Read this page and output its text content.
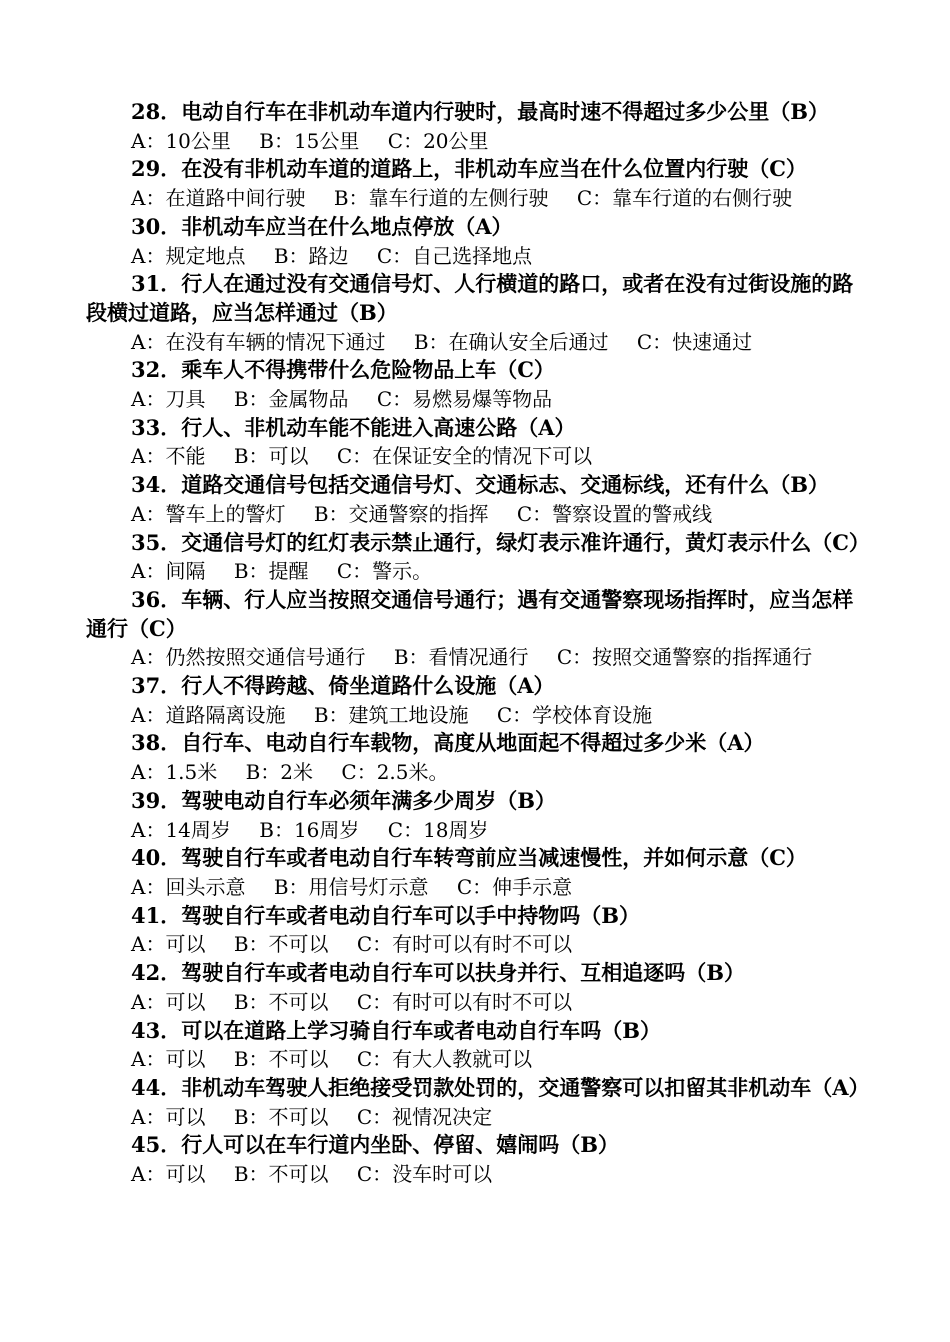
28．电动自行车在非机动车道内行驶时，最高时速不得超过多少公里（B）

A：10公里 B：15公里 C：20公里

29．在没有非机动车道的道路上，非机动车应当在什么位置内行驶（C）

A：在道路中间行驶 B：靠车行道的左侧行驶 C：靠车行道的右侧行驶

30．非机动车应当在什么地点停放（A）

A：规定地点 B：路边 C：自己选择地点

31．行人在通过没有交通信号灯、人行横道的路口，或者在没有过街设施的路段横过道路，应当怎样通过（B）

A：在没有车辆的情况下通过 B：在确认安全后通过 C：快速通过

32．乘车人不得携带什么危险物品上车（C）

A：刀具 B：金属物品 C：易燃易爆等物品

33．行人、非机动车能不能进入高速公路（A）

A：不能 B：可以 C：在保证安全的情况下可以

34．道路交通信号包括交通信号灯、交通标志、交通标线，还有什么（B）

A：警车上的警灯 B：交通警察的指挥 C：警察设置的警戒线

35．交通信号灯的红灯表示禁止通行，绿灯表示准许通行，黄灯表示什么（C）

A：间隔 B：提醒 C：警示。

36．车辆、行人应当按照交通信号通行；遇有交通警察现场指挥时，应当怎样通行（C）

A：仍然按照交通信号通行 B：看情况通行 C：按照交通警察的指挥通行

37．行人不得跨越、倚坐道路什么设施（A）

A：道路隔离设施 B：建筑工地设施 C：学校体育设施

38．自行车、电动自行车载物，高度从地面起不得超过多少米（A）

A：1.5米 B：2米 C：2.5米。

39．驾驶电动自行车必须年满多少周岁（B）

A：14周岁 B：16周岁 C：18周岁

40．驾驶自行车或者电动自行车转弯前应当减速慢性，并如何示意（C）

A：回头示意 B：用信号灯示意 C：伸手示意

41．驾驶自行车或者电动自行车可以手中持物吗（B）

A：可以 B：不可以 C：有时可以有时不可以

42．驾驶自行车或者电动自行车可以扶身并行、互相追逐吗（B）

A：可以 B：不可以 C：有时可以有时不可以

43．可以在道路上学习骑自行车或者电动自行车吗（B）

A：可以 B：不可以 C：有大人教就可以

44．非机动车驾驶人拒绝接受罚款处罚的，交通警察可以扣留其非机动车（A）

A：可以 B：不可以 C：视情况决定

45．行人可以在车行道内坐卧、停留、嬉闹吗（B）

A：可以 B：不可以 C：没车时可以
